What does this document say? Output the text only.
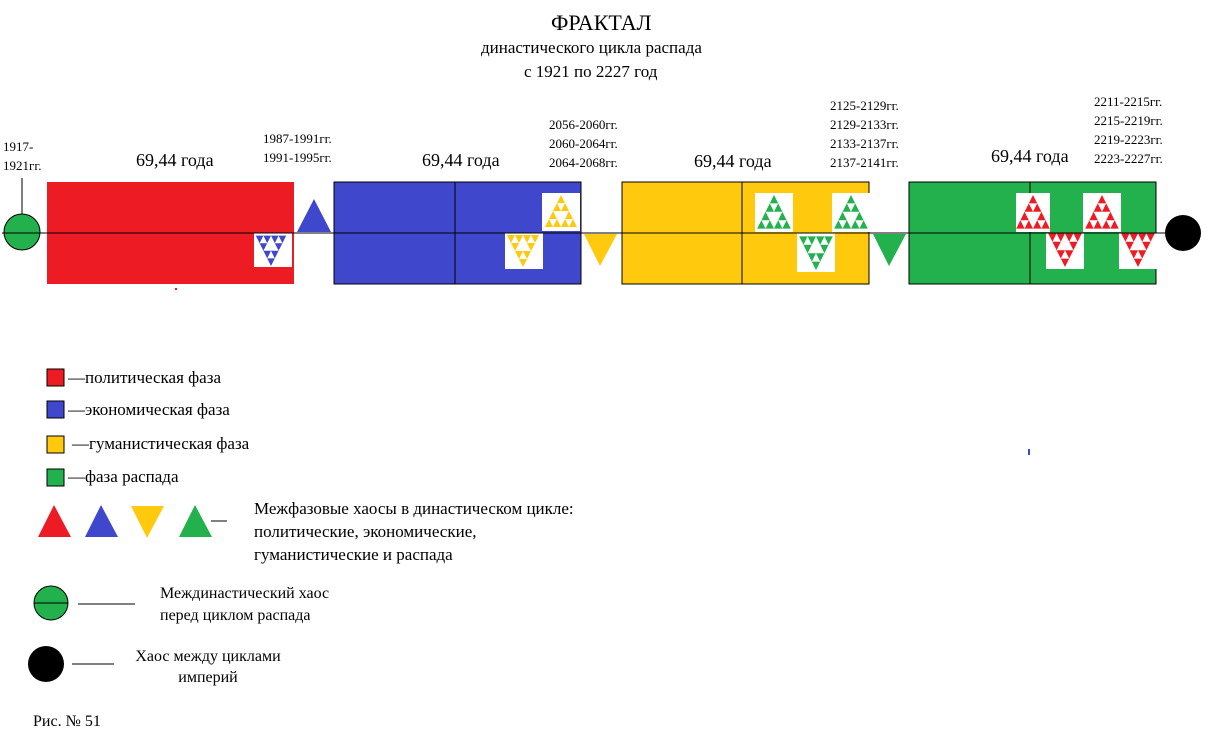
ФРАКТАЛ
династического цикла распада
с 1921 по 2227 год
1917-
1921гг.	69,44 года	69,44 года	69,44 года	69,44 года
1987-1991гг.
1991-1995гг.
2056-2060гг.
2060-2064гг.
2064-2068гг.
2125-2129гг.
2129-2133гг.
2133-2137гг.
2137-2141гг.
2211-2215гг.
2215-2219гг.
2219-2223гг.
2223-2227гг.
—политическая фаза
—экономическая фаза
—гуманистическая фаза
—фаза распада
Межфазовые хаосы в династическом цикле:
политические, экономические,
гуманистические и распада
Междинастический хаос
перед циклом распада
Хаос между циклами
империй
Рис. № 51
